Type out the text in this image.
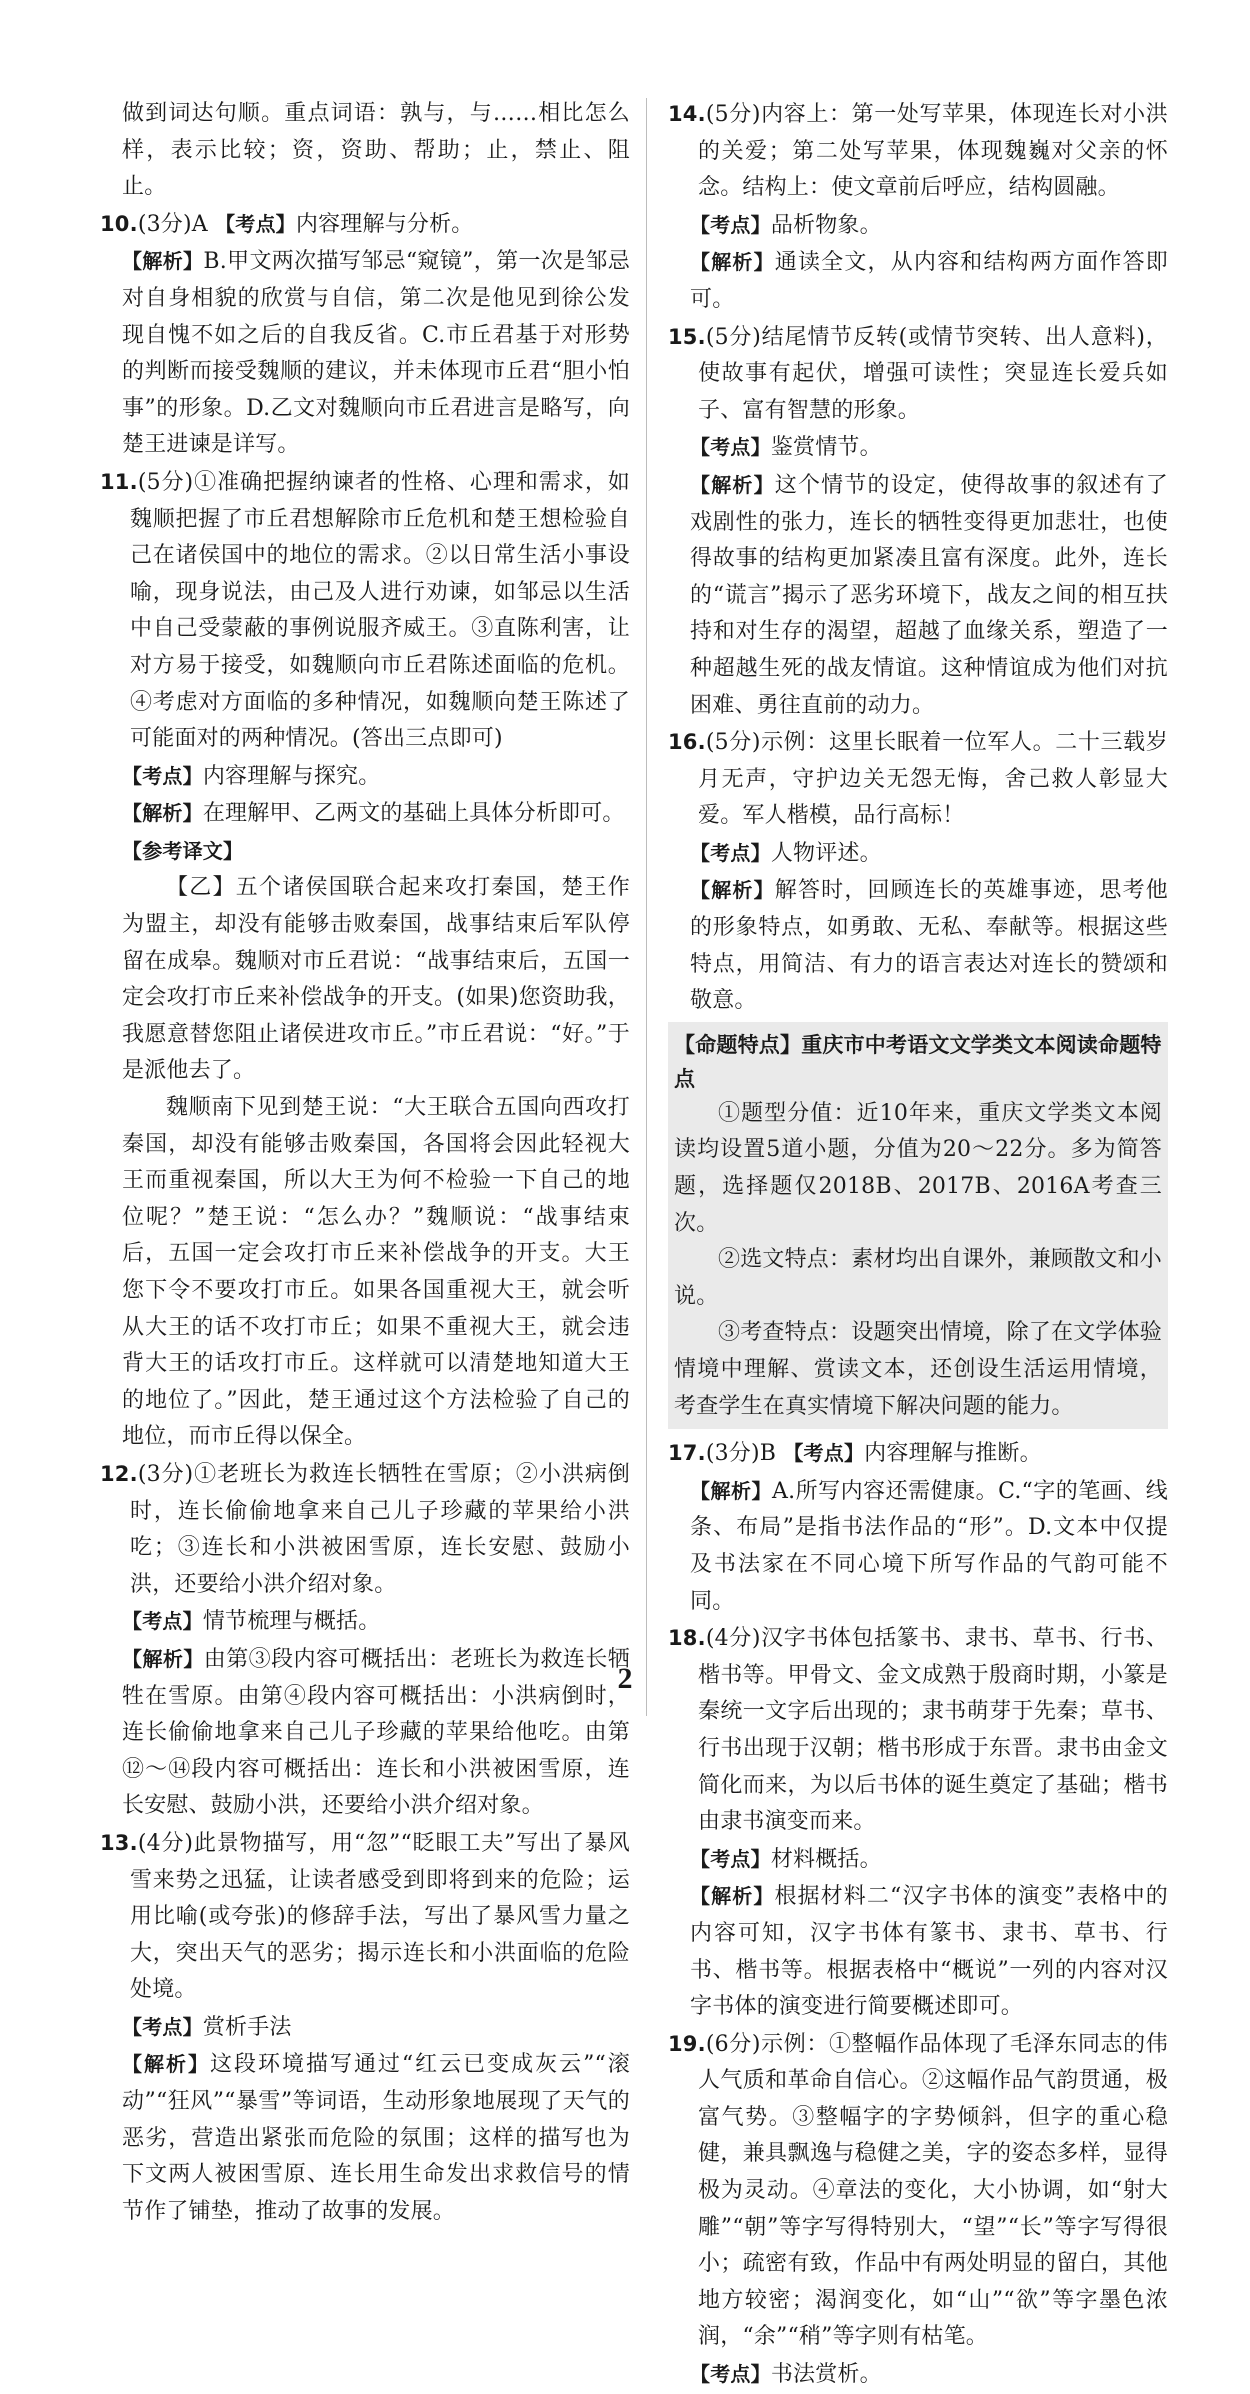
做到词达句顺。重点词语：孰与，与……相比怎么样，表示比较；资，资助、帮助；止，禁止、阻止。

10.(3分)A 【考点】内容理解与分析。

【解析】B.甲文两次描写邹忌“窥镜”，第一次是邹忌对自身相貌的欣赏与自信，第二次是他见到徐公发现自愧不如之后的自我反省。C.市丘君基于对形势的判断而接受魏顺的建议，并未体现市丘君“胆小怕事”的形象。D.乙文对魏顺向市丘君进言是略写，向楚王进谏是详写。

11.(5分)①准确把握纳谏者的性格、心理和需求，如魏顺把握了市丘君想解除市丘危机和楚王想检验自己在诸侯国中的地位的需求。②以日常生活小事设喻，现身说法，由己及人进行劝谏，如邹忌以生活中自己受蒙蔽的事例说服齐威王。③直陈利害，让对方易于接受，如魏顺向市丘君陈述面临的危机。④考虑对方面临的多种情况，如魏顺向楚王陈述了可能面对的两种情况。(答出三点即可)

【考点】内容理解与探究。

【解析】在理解甲、乙两文的基础上具体分析即可。

【参考译文】

【乙】五个诸侯国联合起来攻打秦国，楚王作为盟主，却没有能够击败秦国，战事结束后军队停留在成皋。魏顺对市丘君说：“战事结束后，五国一定会攻打市丘来补偿战争的开支。(如果)您资助我，我愿意替您阻止诸侯进攻市丘。”市丘君说：“好。”于是派他去了。

魏顺南下见到楚王说：“大王联合五国向西攻打秦国，却没有能够击败秦国，各国将会因此轻视大王而重视秦国，所以大王为何不检验一下自己的地位呢？”楚王说：“怎么办？”魏顺说：“战事结束后，五国一定会攻打市丘来补偿战争的开支。大王您下令不要攻打市丘。如果各国重视大王，就会听从大王的话不攻打市丘；如果不重视大王，就会违背大王的话攻打市丘。这样就可以清楚地知道大王的地位了。”因此，楚王通过这个方法检验了自己的地位，而市丘得以保全。

12.(3分)①老班长为救连长牺牲在雪原；②小洪病倒时，连长偷偷地拿来自己儿子珍藏的苹果给小洪吃；③连长和小洪被困雪原，连长安慰、鼓励小洪，还要给小洪介绍对象。

【考点】情节梳理与概括。

【解析】由第③段内容可概括出：老班长为救连长牺牲在雪原。由第④段内容可概括出：小洪病倒时，连长偷偷地拿来自己儿子珍藏的苹果给他吃。由第⑫～⑭段内容可概括出：连长和小洪被困雪原，连长安慰、鼓励小洪，还要给小洪介绍对象。

13.(4分)此景物描写，用“忽”“眨眼工夫”写出了暴风雪来势之迅猛，让读者感受到即将到来的危险；运用比喻(或夸张)的修辞手法，写出了暴风雪力量之大，突出天气的恶劣；揭示连长和小洪面临的危险处境。

【考点】赏析手法

【解析】这段环境描写通过“红云已变成灰云”“滚动”“狂风”“暴雪”等词语，生动形象地展现了天气的恶劣，营造出紧张而危险的氛围；这样的描写也为下文两人被困雪原、连长用生命发出求救信号的情节作了铺垫，推动了故事的发展。

14.(5分)内容上：第一处写苹果，体现连长对小洪的关爱；第二处写苹果，体现魏巍对父亲的怀念。结构上：使文章前后呼应，结构圆融。

【考点】品析物象。

【解析】通读全文，从内容和结构两方面作答即可。

15.(5分)结尾情节反转(或情节突转、出人意料)，使故事有起伏，增强可读性；突显连长爱兵如子、富有智慧的形象。

【考点】鉴赏情节。

【解析】这个情节的设定，使得故事的叙述有了戏剧性的张力，连长的牺牲变得更加悲壮，也使得故事的结构更加紧凑且富有深度。此外，连长的“谎言”揭示了恶劣环境下，战友之间的相互扶持和对生存的渴望，超越了血缘关系，塑造了一种超越生死的战友情谊。这种情谊成为他们对抗困难、勇往直前的动力。

16.(5分)示例：这里长眠着一位军人。二十三载岁月无声，守护边关无怨无悔，舍己救人彰显大爱。军人楷模，品行高标！

【考点】人物评述。

【解析】解答时，回顾连长的英雄事迹，思考他的形象特点，如勇敢、无私、奉献等。根据这些特点，用简洁、有力的语言表达对连长的赞颂和敬意。

【命题特点】重庆市中考语文文学类文本阅读命题特点

①题型分值：近10年来，重庆文学类文本阅读均设置5道小题，分值为20～22分。多为简答题，选择题仅2018B、2017B、2016A考查三次。

②选文特点：素材均出自课外，兼顾散文和小说。

③考查特点：设题突出情境，除了在文学体验情境中理解、赏读文本，还创设生活运用情境，考查学生在真实情境下解决问题的能力。

17.(3分)B 【考点】内容理解与推断。

【解析】A.所写内容还需健康。C.“字的笔画、线条、布局”是指书法作品的“形”。D.文本中仅提及书法家在不同心境下所写作品的气韵可能不同。

18.(4分)汉字书体包括篆书、隶书、草书、行书、楷书等。甲骨文、金文成熟于殷商时期，小篆是秦统一文字后出现的；隶书萌芽于先秦；草书、行书出现于汉朝；楷书形成于东晋。隶书由金文简化而来，为以后书体的诞生奠定了基础；楷书由隶书演变而来。

【考点】材料概括。

【解析】根据材料二“汉字书体的演变”表格中的内容可知，汉字书体有篆书、隶书、草书、行书、楷书等。根据表格中“概说”一列的内容对汉字书体的演变进行简要概述即可。

19.(6分)示例：①整幅作品体现了毛泽东同志的伟人气质和革命自信心。②这幅作品气韵贯通，极富气势。③整幅字的字势倾斜，但字的重心稳健，兼具飘逸与稳健之美，字的姿态多样，显得极为灵动。④章法的变化，大小协调，如“射大雕”“朝”等字写得特别大，“望”“长”等字写得很小；疏密有致，作品中有两处明显的留白，其他地方较密；渴润变化，如“山”“欲”等字墨色浓润，“余”“稍”等字则有枯笔。

【考点】书法赏析。

2
